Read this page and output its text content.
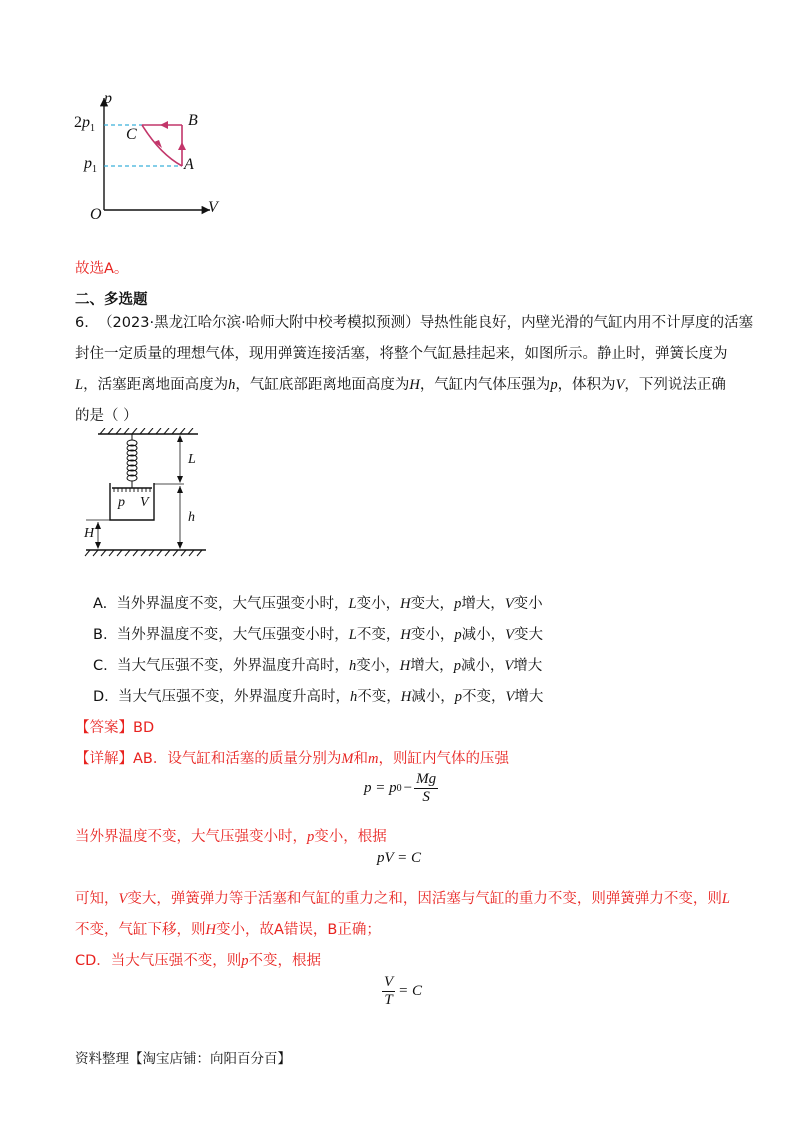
p
V
O
$2p_1$
$p_1$	A
B
C
故选A。
二、多选题
6. （2023·黑龙江哈尔滨·哈师大附中校考模拟预测）导热性能良好，内壁光滑的气缸内用不计厚度的活塞
封住一定质量的理想气体，现用弹簧连接活塞，将整个气缸悬挂起来，如图所示。静止时，弹簧长度为
L，活塞距离地面高度为h，气缸底部距离地面高度为H，气缸内气体压强为p，体积为V，下列说法正确
的是（ ）
L
h
H
p V
A. 当外界温度不变，大气压强变小时，L变小，H变大，p增大，V变小
B. 当外界温度不变，大气压强变小时，L不变，H变小，p减小，V变大
C. 当大气压强不变，外界温度升高时，h变小，H增大，p减小，V增大
D. 当大气压强不变，外界温度升高时，h不变，H减小，p不变，V增大
【答案】BD
【详解】AB．设气缸和活塞的质量分别为M和m，则缸内气体的压强
p = p $0 - \frac{Mg}{S}$
当外界温度不变，大气压强变小时，p变小，根据
pV = C
可知，V变大，弹簧弹力等于活塞和气缸的重力之和，因活塞与气缸的重力不变，则弹簧弹力不变，则L
不变，气缸下移，则H变小，故A错误，B正确；
CD．当大气压强不变，则p不变，根据
$\frac{V}{T} = C$
资料整理【淘宝店铺：向阳百分百】
